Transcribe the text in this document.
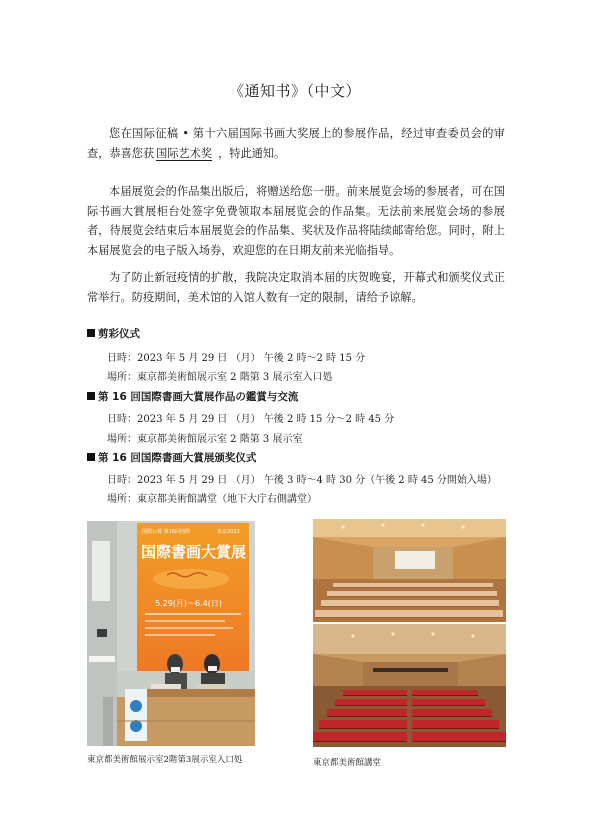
《通知书》（中文）

您在国际征稿 • 第十六届国际书画大奖展上的参展作品，经过审查委员会的审查，恭喜您获 国际艺术奖 ，特此通知。

本届展览会的作品集出版后，将赠送给您一册。前来展览会场的参展者，可在国际书画大賞展柜台处签字免费领取本届展览会的作品集。无法前来展览会场的参展者，待展览会结束后本届展览会的作品集、奖状及作品将陆续邮寄给您。同时，附上本届展览会的电子版入场券，欢迎您的在日期友前来光临指导。

为了防止新冠疫情的扩散，我院决定取消本届的庆贺晚宴，开幕式和颁奖仪式正常举行。防疫期间，美术馆的入馆人数有一定的限制，请给予谅解。

剪彩仪式
日時：2023 年 5 月 29 日 （月） 午後 2 時〜2 時 15 分
場所：東京都美術館展示室 2 階第 3 展示室入口処
第 16 回国際書画大賞展作品の鑑賞与交流
日時：2023 年 5 月 29 日 （月） 午後 2 時 15 分〜2 時 45 分
場所：東京都美術館展示室 2 階第 3 展示室
第 16 回国際書画大賞展颁奖仪式
日時：2023 年 5 月 29 日 （月） 午後 3 時〜4 時 30 分（午後 2 時 45 分開始入場）
場所：東京都美術館講堂（地下大庁右側講堂）
国際公募 第16回国際	東京2023
国際書画大賞展
5.29(月)〜6.4(日)
東京都美術館展示室2階第3展示室入口処	東京都美術館講堂
